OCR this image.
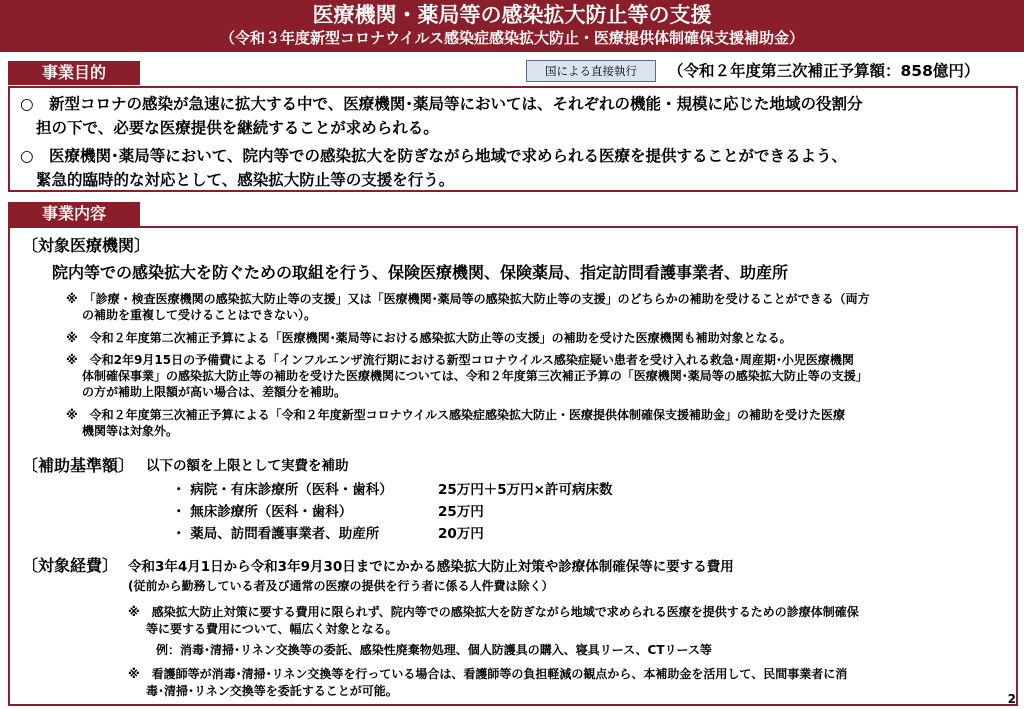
医療機関・薬局等の感染拡大防止等の支援
（令和３年度新型コロナウイルス感染症感染拡大防止・医療提供体制確保支援補助金）
事業目的	国による直接執行	（令和２年度第三次補正予算額：858億円）
○　新型コロナの感染が急速に拡大する中で、医療機関･薬局等においては、それぞれの機能・規模に応じた地域の役割分
担の下で、必要な医療提供を継続することが求められる。
○　医療機関･薬局等において、院内等での感染拡大を防ぎながら地域で求められる医療を提供することができるよう、
緊急的臨時的な対応として、感染拡大防止等の支援を行う。
事業内容
〔対象医療機関〕
院内等での感染拡大を防ぐための取組を行う、保険医療機関、保険薬局、指定訪問看護事業者、助産所
※　「診療・検査医療機関の感染拡大防止等の支援」又は「医療機関･薬局等の感染拡大防止等の支援」のどちらかの補助を受けることができる（両方
の補助を重複して受けることはできない）。
※　令和２年度第二次補正予算による「医療機関･薬局等における感染拡大防止等の支援」の補助を受けた医療機関も補助対象となる。
※　令和2年9月15日の予備費による「インフルエンザ流行期における新型コロナウイルス感染症疑い患者を受け入れる救急･周産期･小児医療機関
体制確保事業」の感染拡大防止等の補助を受けた医療機関については、令和２年度第三次補正予算の「医療機関･薬局等の感染拡大防止等の支援」
の方が補助上限額が高い場合は、差額分を補助。
※　令和２年度第三次補正予算による「令和２年度新型コロナウイルス感染症感染拡大防止・医療提供体制確保支援補助金」の補助を受けた医療
機関等は対象外。
〔補助基準額〕 以下の額を上限として実費を補助
・ 病院・有床診療所（医科・歯科）	25万円＋5万円×許可病床数
・ 無床診療所（医科・歯科）	25万円
・ 薬局、訪問看護事業者、助産所	20万円
〔対象経費〕 令和3年4月1日から令和3年9月30日までにかかる感染拡大防止対策や診療体制確保等に要する費用
(従前から勤務している者及び通常の医療の提供を行う者に係る人件費は除く）
※　感染拡大防止対策に要する費用に限られず、院内等での感染拡大を防ぎながら地域で求められる医療を提供するための診療体制確保
等に要する費用について、幅広く対象となる。
例：消毒･清掃･リネン交換等の委託、感染性廃棄物処理、個人防護具の購入、寝具リース、CTリース等
※　看護師等が消毒･清掃･リネン交換等を行っている場合は、看護師等の負担軽減の観点から、本補助金を活用して、民間事業者に消
毒･清掃･リネン交換等を委託することが可能。
2
